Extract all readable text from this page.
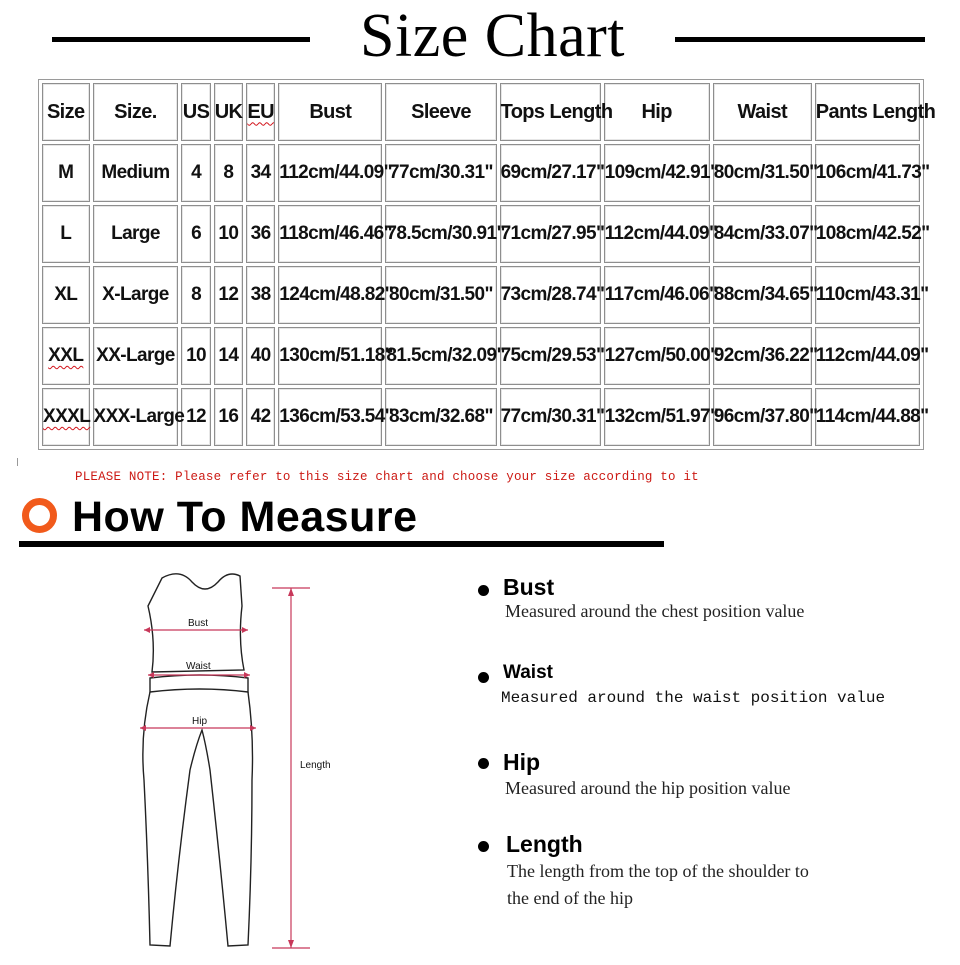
Size Chart
Size	Size.	US	UK	EU	Bust	Sleeve	Tops Length	Hip	Waist	Pants Length
M	Medium	4	8	34	112cm/44.09"	77cm/30.31"	69cm/27.17"	109cm/42.91"	80cm/31.50"	106cm/41.73"
L	Large	6	10	36	118cm/46.46"	78.5cm/30.91"	71cm/27.95"	112cm/44.09"	84cm/33.07"	108cm/42.52"
XL	X-Large	8	12	38	124cm/48.82"	80cm/31.50"	73cm/28.74"	117cm/46.06"	88cm/34.65"	110cm/43.31"
XXL	XX-Large	10	14	40	130cm/51.18"	81.5cm/32.09"	75cm/29.53"	127cm/50.00"	92cm/36.22"	112cm/44.09"
XXXL	XXX-Large	12	16	42	136cm/53.54"	83cm/32.68"	77cm/30.31"	132cm/51.97"	96cm/37.80"	114cm/44.88"
PLEASE NOTE: Please refer to this size chart and choose your size according to it
How To Measure
Bust
Waist
Hip
Length
Bust
Measured around the chest position value
Waist
Measured around the waist position value
Hip
Measured around the hip position value
Length
The length from the top of the shoulder to
the end of the hip
